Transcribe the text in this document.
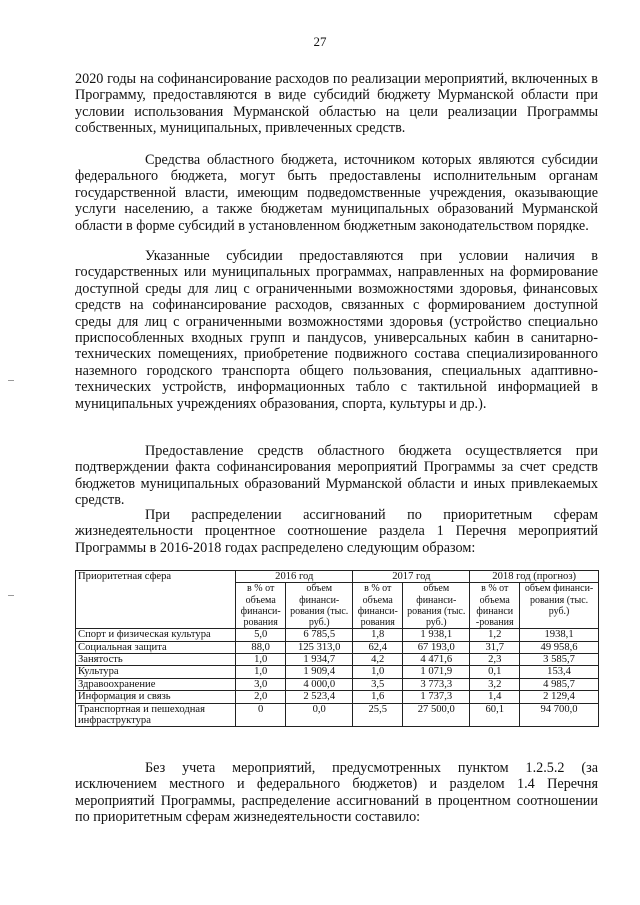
27

2020 годы на софинансирование расходов по реализации мероприятий, включенных в Программу, предоставляются в виде субсидий бюджету Мурманской области при условии использования Мурманской областью на цели реализации Программы собственных, муниципальных, привлеченных средств.

Средства областного бюджета, источником которых являются субсидии федерального бюджета, могут быть предоставлены исполнительным органам государственной власти, имеющим подведомственные учреждения, оказывающие услуги населению, а также бюджетам муниципальных образований Мурманской области в форме субсидий в установленном бюджетным законодательством порядке.

Указанные субсидии предоставляются при условии наличия в государственных или муниципальных программах, направленных на формирование доступной среды для лиц с ограниченными возможностями здоровья, финансовых средств на софинансирование расходов, связанных с формированием доступной среды для лиц с ограниченными возможностями здоровья (устройство специально приспособленных входных групп и пандусов, универсальных кабин в санитарно-технических помещениях, приобретение подвижного состава специализированного наземного городского транспорта общего пользования, специальных адаптивно-технических устройств, информационных табло с тактильной информацией в муниципальных учреждениях образования, спорта, культуры и др.).

Предоставление средств областного бюджета осуществляется при подтверждении факта софинансирования мероприятий Программы за счет средств бюджетов муниципальных образований Мурманской области и иных привлекаемых средств.

При распределении ассигнований по приоритетным сферам жизнедеятельности процентное соотношение раздела 1 Перечня мероприятий Программы в 2016-2018 годах распределено следующим образом:

Приоритетная сфера	2016 год		2017 год		2018 год (прогноз)	
	в % от объема финанси-рования	объем финанси-рования (тыс. руб.)	в % от объема финанси-рования	объем финанси-рования (тыс. руб.)	в % от объема финанси -рования	объем финанси-рования (тыс. руб.)
Спорт и физическая культура	5,0	6 785,5	1,8	1 938,1	1,2	1938,1
Социальная защита	88,0	125 313,0	62,4	67 193,0	31,7	49 958,6
Занятость	1,0	1 934,7	4,2	4 471,6	2,3	3 585,7
Культура	1,0	1 909,4	1,0	1 071,9	0,1	153,4
Здравоохранение	3,0	4 000,0	3,5	3 773,3	3,2	4 985,7
Информация и связь	2,0	2 523,4	1,6	1 737,3	1,4	2 129,4
Транспортная и пешеходная инфраструктура	0	0,0	25,5	27 500,0	60,1	94 700,0

Без учета мероприятий, предусмотренных пунктом 1.2.5.2 (за исключением местного и федерального бюджетов) и разделом 1.4 Перечня мероприятий Программы, распределение ассигнований в процентном соотношении по приоритетным сферам жизнедеятельности составило:
